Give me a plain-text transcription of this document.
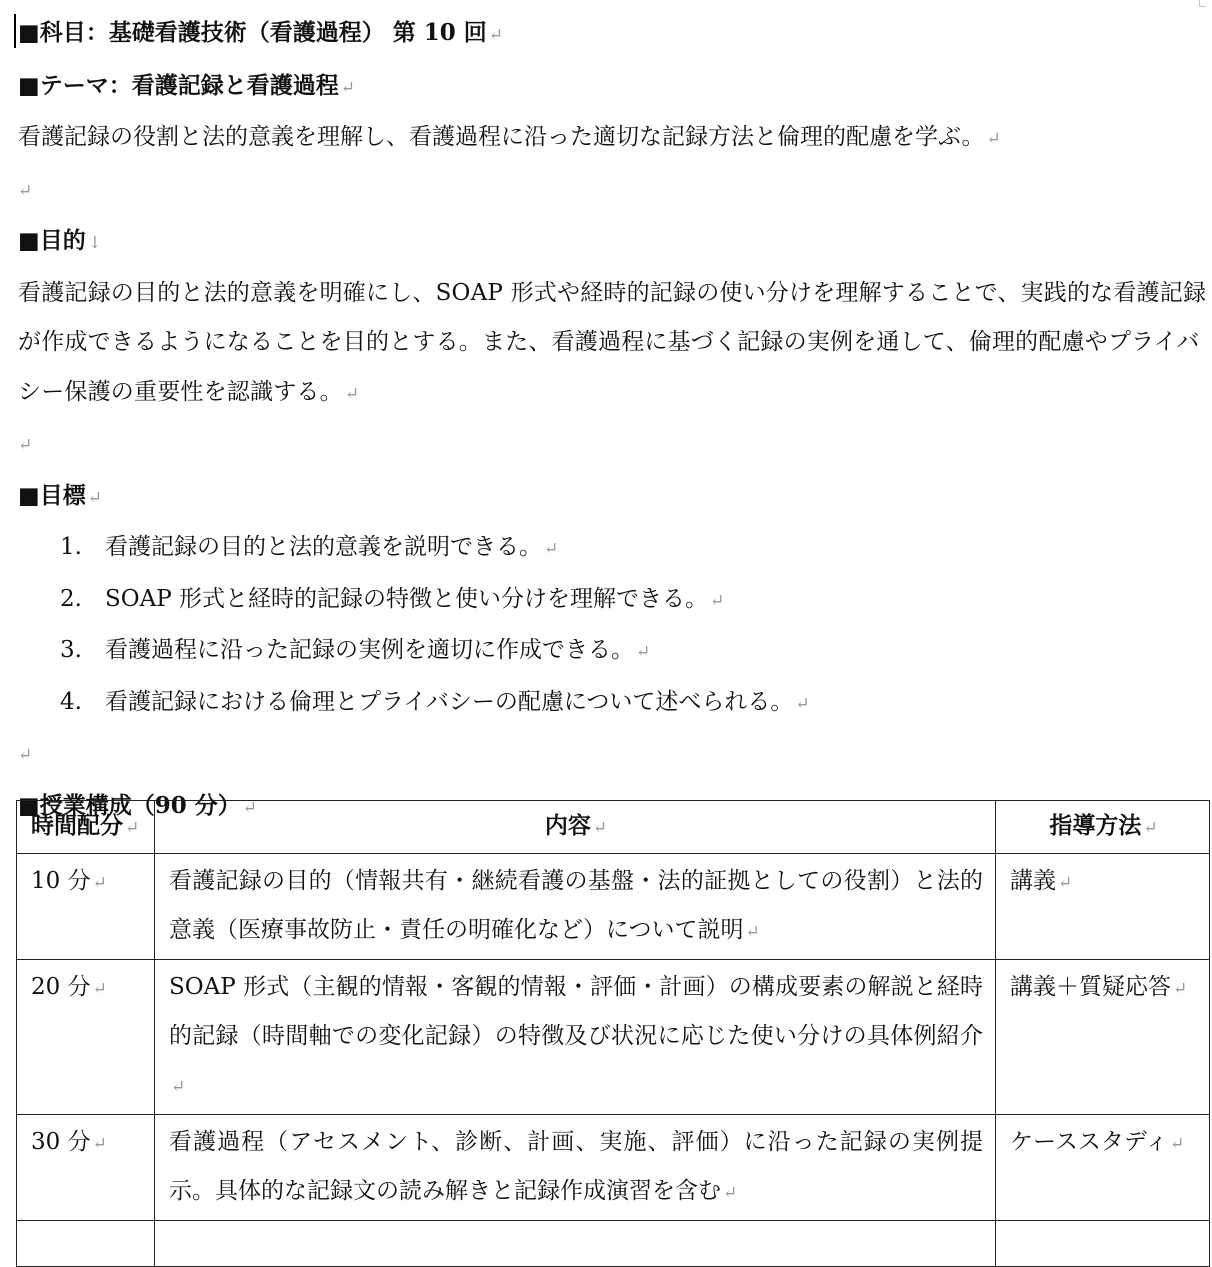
■科目：基礎看護技術（看護過程） 第 10 回 ↵
■テーマ：看護記録と看護過程 ↵
看護記録の役割と法的意義を理解し、看護過程に沿った適切な記録方法と倫理的配慮を学ぶ。 ↵
↵
■目的 ↓
看護記録の目的と法的意義を明確にし、SOAP 形式や経時的記録の使い分けを理解することで、実践的な看護記録が作成できるようになることを目的とする。また、看護過程に基づく記録の実例を通して、倫理的配慮やプライバシー保護の重要性を認識する。 ↵
↵
■目標 ↵
1. 看護記録の目的と法的意義を説明できる。 ↵
2. SOAP 形式と経時的記録の特徴と使い分けを理解できる。 ↵
3. 看護過程に沿った記録の実例を適切に作成できる。 ↵
4. 看護記録における倫理とプライバシーの配慮について述べられる。 ↵
↵
■授業構成（90 分） ↵
時間配分 ↵	内容 ↵	指導方法 ↵
10 分 ↵	看護記録の目的（情報共有・継続看護の基盤・法的証拠としての役割）と法的意義（医療事故防止・責任の明確化など）について説明 ↵	講義 ↵
20 分 ↵	SOAP 形式（主観的情報・客観的情報・評価・計画）の構成要素の解説と経時的記録（時間軸での変化記録）の特徴及び状況に応じた使い分けの具体例紹介↵	講義＋質疑応答 ↵
30 分 ↵	看護過程（アセスメント、診断、計画、実施、評価）に沿った記録の実例提示。具体的な記録文の読み解きと記録作成演習を含む ↵	ケーススタディ ↵
